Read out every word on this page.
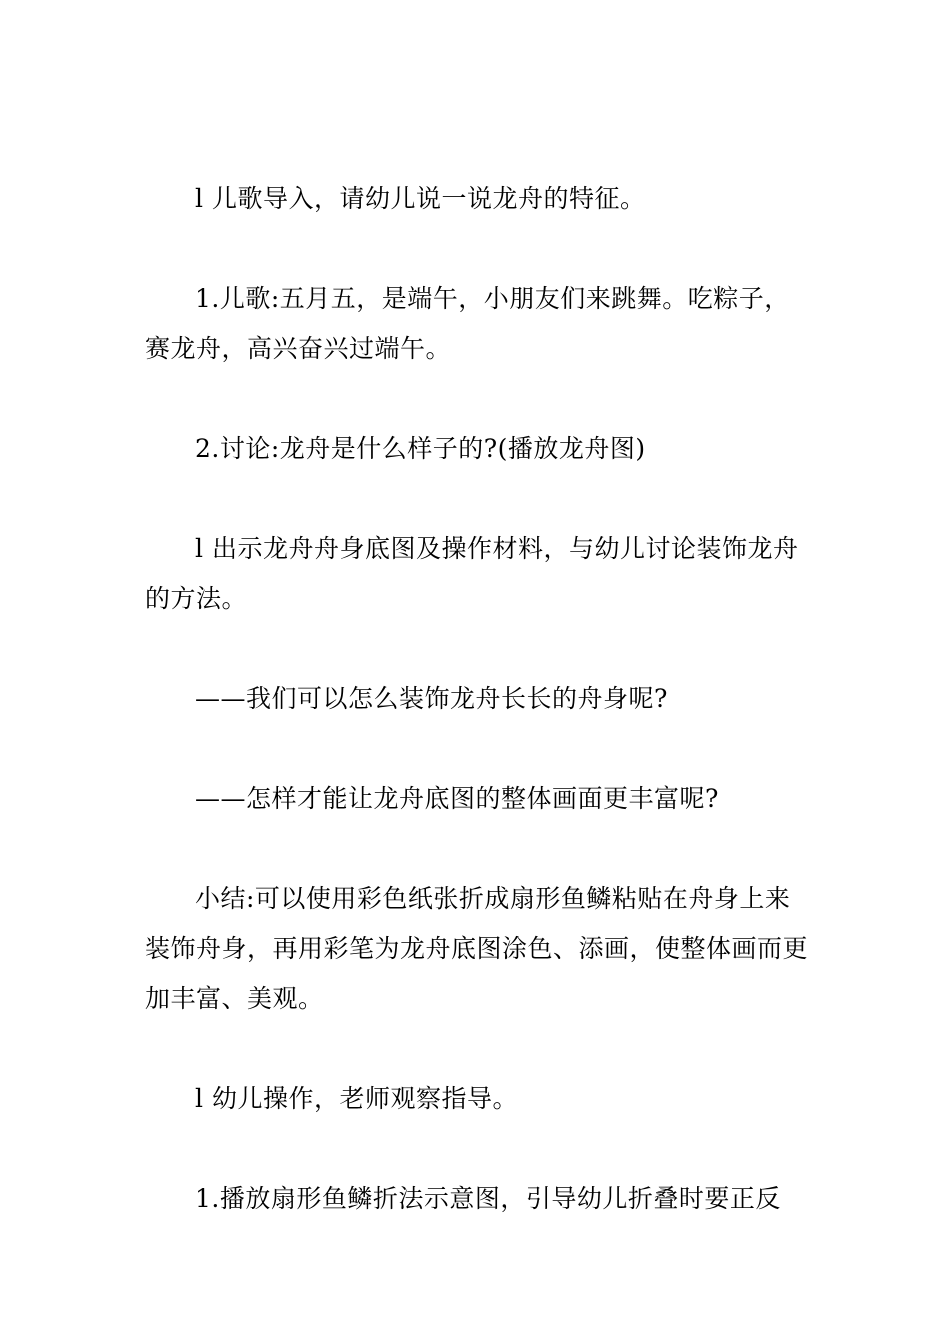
l 儿歌导入，请幼儿说一说龙舟的特征。

1.儿歌:五月五，是端午，小朋友们来跳舞。吃粽子，赛龙舟，高兴奋兴过端午。

2.讨论:龙舟是什么样子的?(播放龙舟图)

l 出示龙舟舟身底图及操作材料，与幼儿讨论装饰龙舟的方法。

——我们可以怎么装饰龙舟长长的舟身呢?

——怎样才能让龙舟底图的整体画面更丰富呢?

小结:可以使用彩色纸张折成扇形鱼鳞粘贴在舟身上来装饰舟身，再用彩笔为龙舟底图涂色、添画，使整体画而更加丰富、美观。

l 幼儿操作，老师观察指导。

1.播放扇形鱼鳞折法示意图，引导幼儿折叠时要正反
